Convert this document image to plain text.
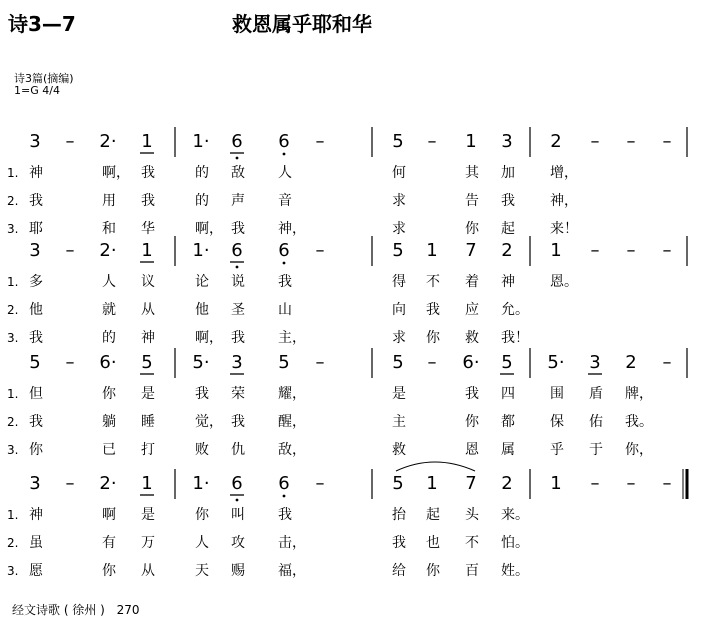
诗3—7	救恩属乎耶和华
诗3篇(摘编)
1=G 4/4
3 – 2· 1 1· 6 6 –	5 – 1 3 2 – – –
1. 神	啊， 我	的 敌 人	何	其 加	增，
2. 我	用 我	的 声 音	求	告 我	神，
3. 耶	和 华	啊， 我 神，	求	你 起	来！
3 – 2· 1 1· 6 6 –	5 1 7 2 1 – – –
1. 多	人 议	论 说 我	得 不 着 神	恩。
2. 他	就 从	他 圣 山	向 我 应 允。
3. 我	的 神	啊， 我 主，	求 你 救 我！
5 – 6· 5 5· 3 5 –	5 – 6· 5 5· 3 2 –
1. 但	你 是	我 荣 耀，	是	我 四	围 盾 牌，
2. 我	躺 睡	觉， 我 醒，	主	你 都	保 佑 我。
3. 你	已 打	败 仇 敌，	救	恩 属	乎 于 你，
3 – 2· 1 1· 6 6 –	5 1 7 2 1 – – –
1. 神	啊 是	你 叫 我	抬 起 头 来。
2. 虽	有 万	人 攻 击，	我 也 不 怕。
3. 愿	你 从	天 赐 福，	给 你 百 姓。
经文诗歌 ( 徐州 ) 270
